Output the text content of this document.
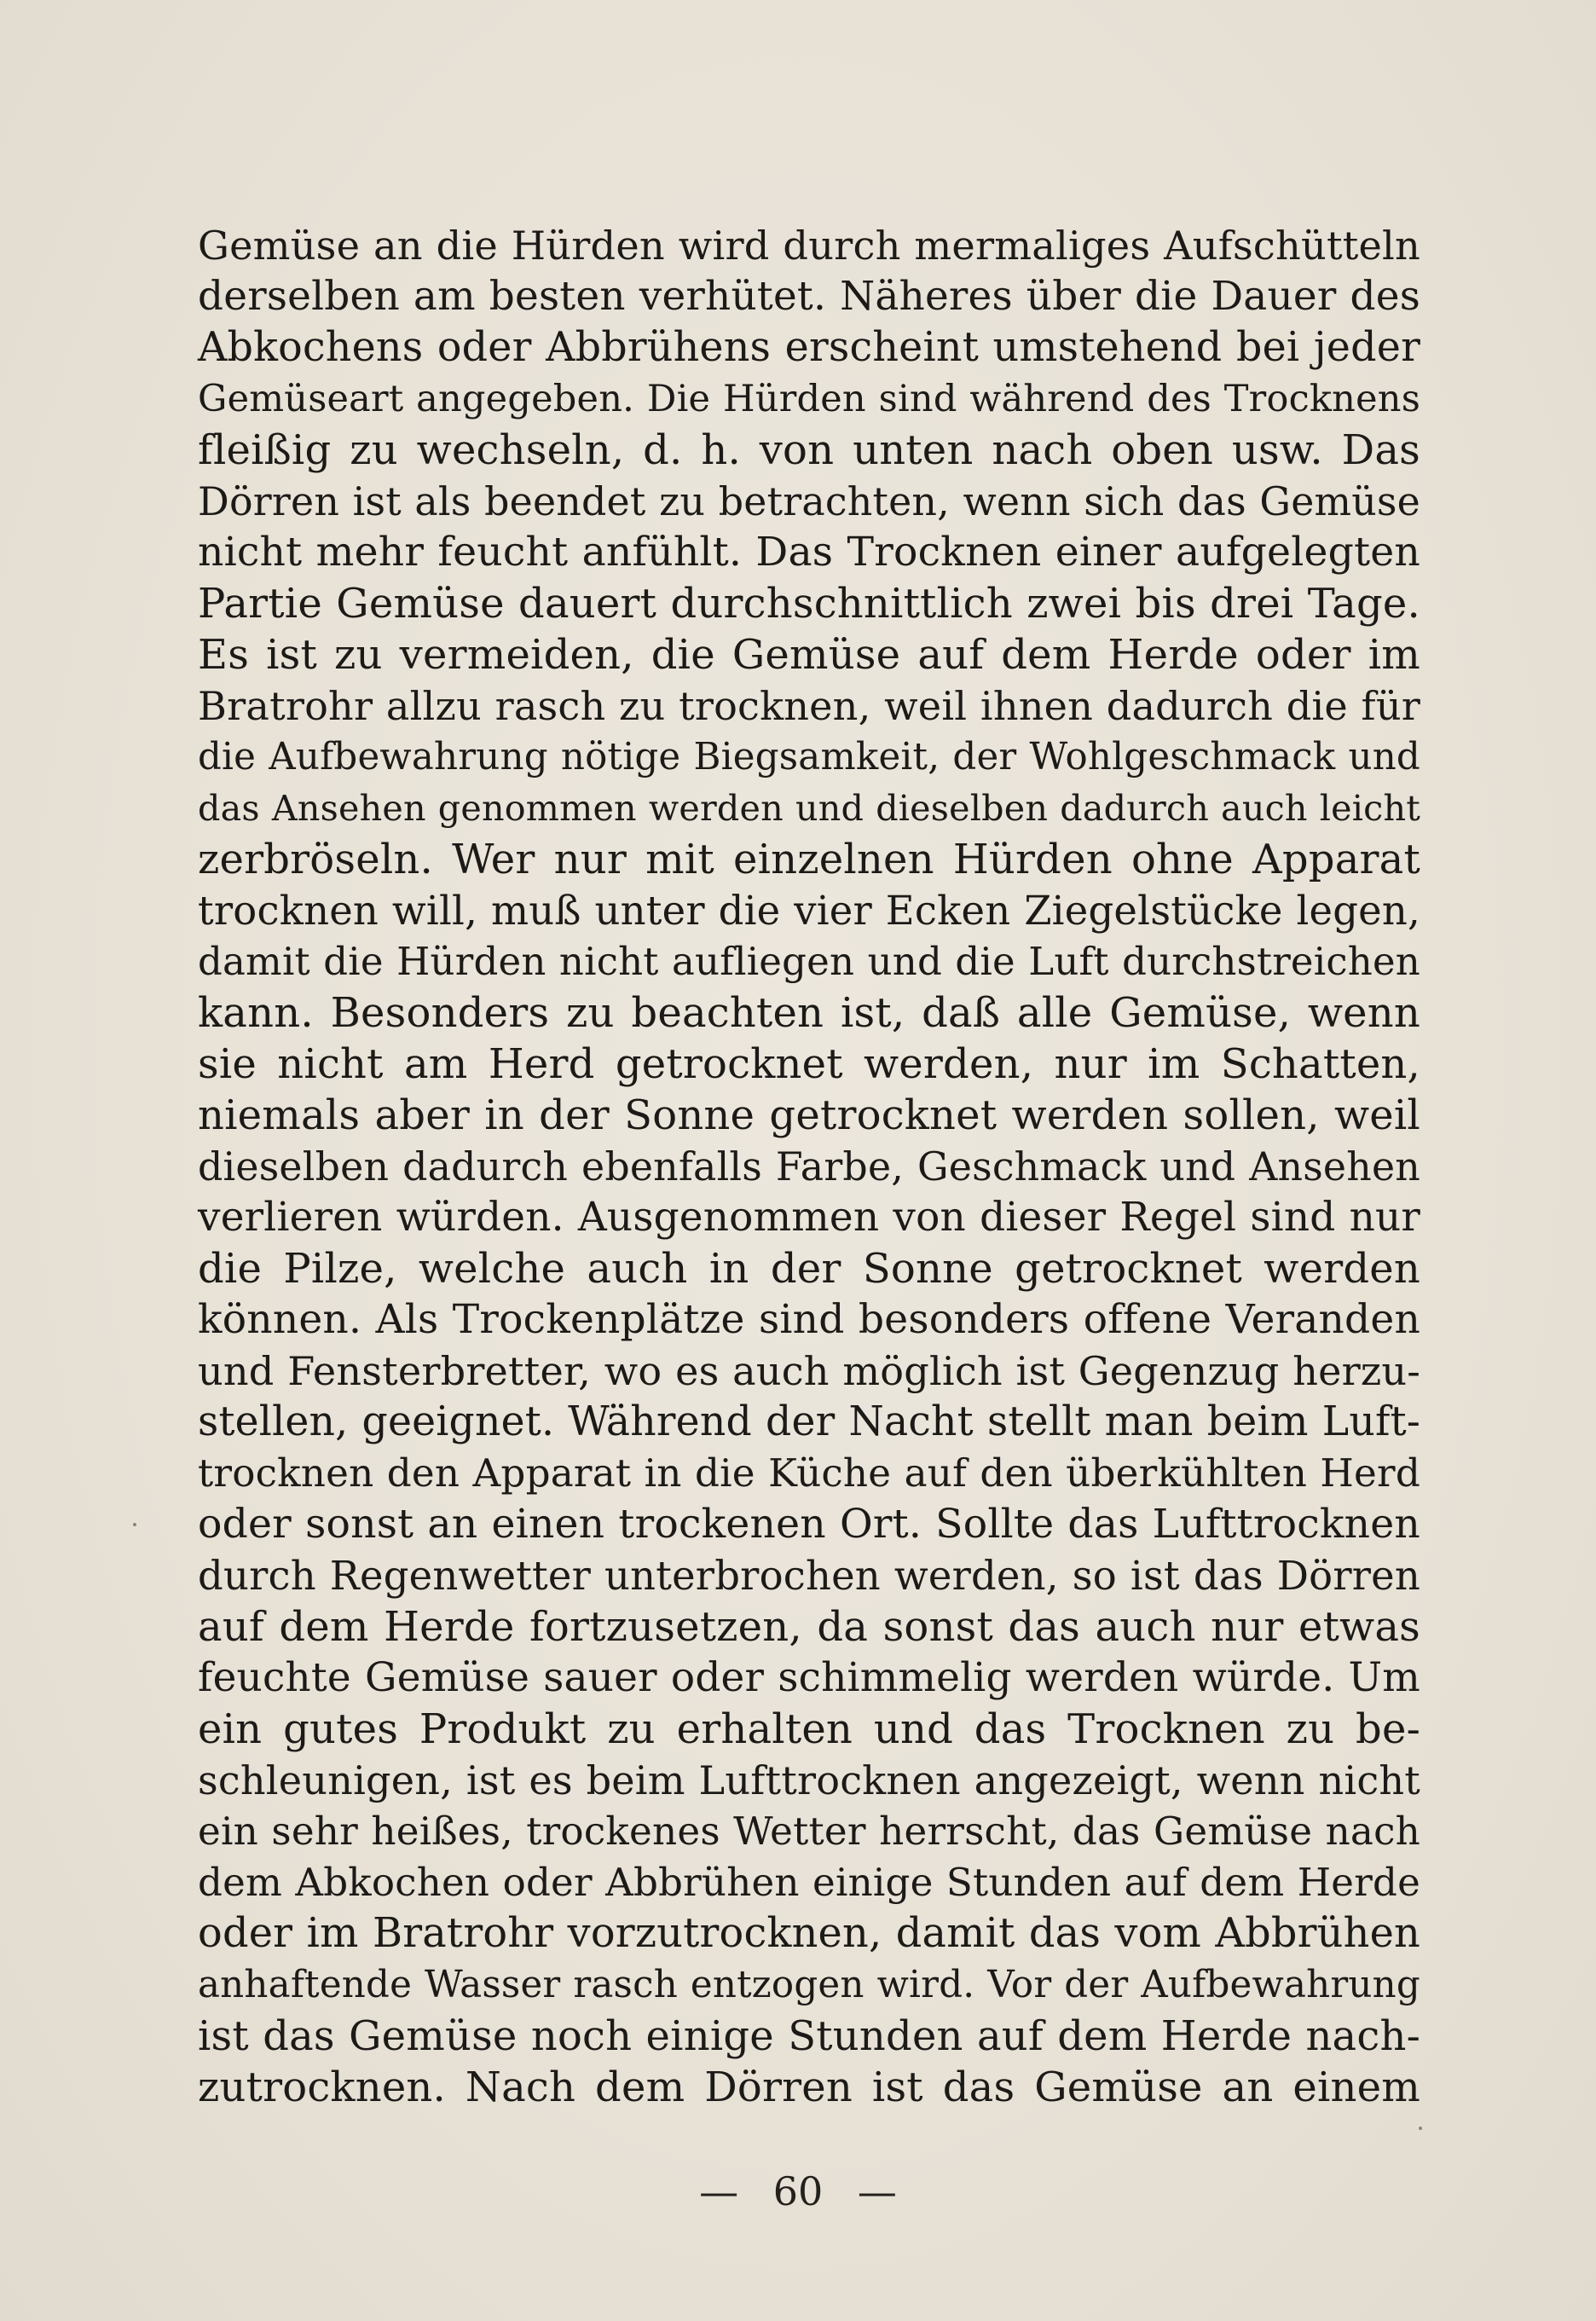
Gemüse an die Hürden wird durch mermaliges Aufschütteln
derselben am besten verhütet. Näheres über die Dauer des
Abkochens oder Abbrühens erscheint umstehend bei jeder
Gemüseart angegeben. Die Hürden sind während des Trocknens
fleißig zu wechseln, d. h. von unten nach oben usw. Das
Dörren ist als beendet zu betrachten, wenn sich das Gemüse
nicht mehr feucht anfühlt. Das Trocknen einer aufgelegten
Partie Gemüse dauert durchschnittlich zwei bis drei Tage.
Es ist zu vermeiden, die Gemüse auf dem Herde oder im
Bratrohr allzu rasch zu trocknen, weil ihnen dadurch die für
die Aufbewahrung nötige Biegsamkeit, der Wohlgeschmack und
das Ansehen genommen werden und dieselben dadurch auch leicht
zerbröseln. Wer nur mit einzelnen Hürden ohne Apparat
trocknen will, muß unter die vier Ecken Ziegelstücke legen,
damit die Hürden nicht aufliegen und die Luft durchstreichen
kann. Besonders zu beachten ist, daß alle Gemüse, wenn
sie nicht am Herd getrocknet werden, nur im Schatten,
niemals aber in der Sonne getrocknet werden sollen, weil
dieselben dadurch ebenfalls Farbe, Geschmack und Ansehen
verlieren würden. Ausgenommen von dieser Regel sind nur
die Pilze, welche auch in der Sonne getrocknet werden
können. Als Trockenplätze sind besonders offene Veranden
und Fensterbretter, wo es auch möglich ist Gegenzug herzu-
stellen, geeignet. Während der Nacht stellt man beim Luft-
trocknen den Apparat in die Küche auf den überkühlten Herd
oder sonst an einen trockenen Ort. Sollte das Lufttrocknen
durch Regenwetter unterbrochen werden, so ist das Dörren
auf dem Herde fortzusetzen, da sonst das auch nur etwas
feuchte Gemüse sauer oder schimmelig werden würde. Um
ein gutes Produkt zu erhalten und das Trocknen zu be-
schleunigen, ist es beim Lufttrocknen angezeigt, wenn nicht
ein sehr heißes, trockenes Wetter herrscht, das Gemüse nach
dem Abkochen oder Abbrühen einige Stunden auf dem Herde
oder im Bratrohr vorzutrocknen, damit das vom Abbrühen
anhaftende Wasser rasch entzogen wird. Vor der Aufbewahrung
ist das Gemüse noch einige Stunden auf dem Herde nach-
zutrocknen. Nach dem Dörren ist das Gemüse an einem
— 60 —
